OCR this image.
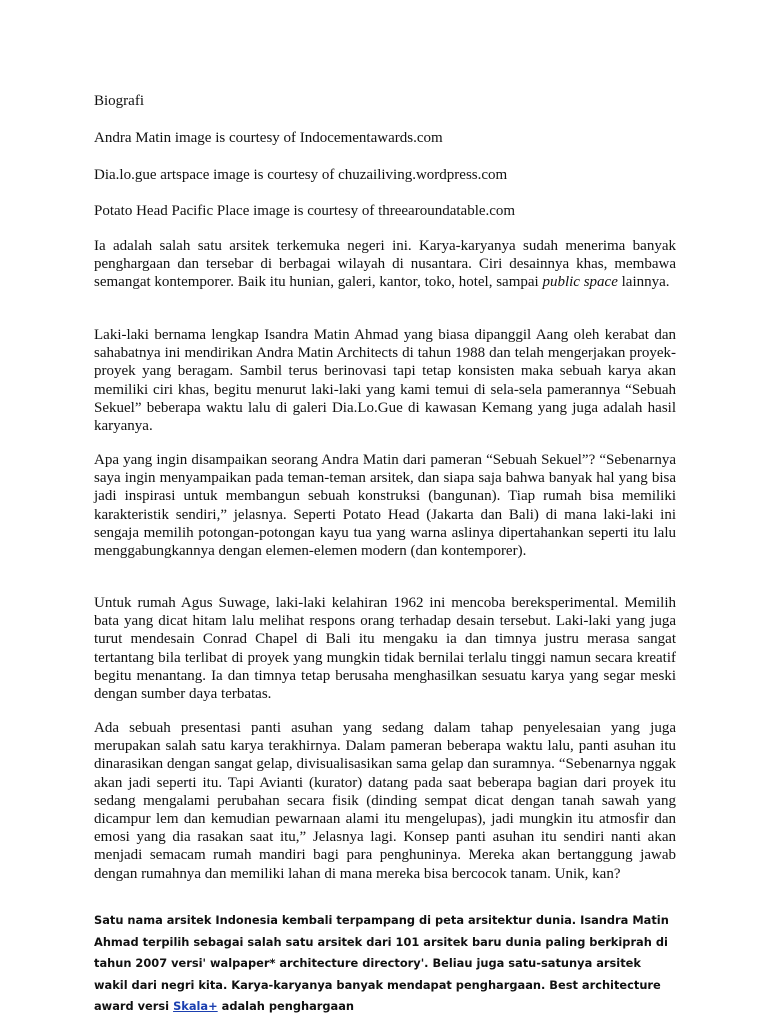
Biografi

Andra Matin image is courtesy of Indocementawards.com

Dia.lo.gue artspace image is courtesy of chuzailiving.wordpress.com

Potato Head Pacific Place image is courtesy of threearoundatable.com

Ia adalah salah satu arsitek terkemuka negeri ini. Karya-karyanya sudah menerima banyak penghargaan dan tersebar di berbagai wilayah di nusantara. Ciri desainnya khas, membawa semangat kontemporer. Baik itu hunian, galeri, kantor, toko, hotel, sampai public space lainnya.

Laki-laki bernama lengkap Isandra Matin Ahmad yang biasa dipanggil Aang oleh kerabat dan sahabatnya ini mendirikan Andra Matin Architects di tahun 1988 dan telah mengerjakan proyek-proyek yang beragam. Sambil terus berinovasi tapi tetap konsisten maka sebuah karya akan memiliki ciri khas, begitu menurut laki-laki yang kami temui di sela-sela pamerannya “Sebuah Sekuel” beberapa waktu lalu di galeri Dia.Lo.Gue di kawasan Kemang yang juga adalah hasil karyanya.

Apa yang ingin disampaikan seorang Andra Matin dari pameran “Sebuah Sekuel”? “Sebenarnya saya ingin menyampaikan pada teman-teman arsitek, dan siapa saja bahwa banyak hal yang bisa jadi inspirasi untuk membangun sebuah konstruksi (bangunan). Tiap rumah bisa memiliki karakteristik sendiri,” jelasnya. Seperti Potato Head (Jakarta dan Bali) di mana laki-laki ini sengaja memilih potongan-potongan kayu tua yang warna aslinya dipertahankan seperti itu lalu menggabungkannya dengan elemen-elemen modern (dan kontemporer).

Untuk rumah Agus Suwage, laki-laki kelahiran 1962 ini mencoba bereksperimental. Memilih bata yang dicat hitam lalu melihat respons orang terhadap desain tersebut. Laki-laki yang juga turut mendesain Conrad Chapel di Bali itu mengaku ia dan timnya justru merasa sangat tertantang bila terlibat di proyek yang mungkin tidak bernilai terlalu tinggi namun secara kreatif begitu menantang. Ia dan timnya tetap berusaha menghasilkan sesuatu karya yang segar meski dengan sumber daya terbatas.

Ada sebuah presentasi panti asuhan yang sedang dalam tahap penyelesaian yang juga merupakan salah satu karya terakhirnya. Dalam pameran beberapa waktu lalu, panti asuhan itu dinarasikan dengan sangat gelap, divisualisasikan sama gelap dan suramnya. “Sebenarnya nggak akan jadi seperti itu. Tapi Avianti (kurator) datang pada saat beberapa bagian dari proyek itu sedang mengalami perubahan secara fisik (dinding sempat dicat dengan tanah sawah yang dicampur lem dan kemudian pewarnaan alami itu mengelupas), jadi mungkin itu atmosfir dan emosi yang dia rasakan saat itu,” Jelasnya lagi. Konsep panti asuhan itu sendiri nanti akan menjadi semacam rumah mandiri bagi para penghuninya. Mereka akan bertanggung jawab dengan rumahnya dan memiliki lahan di mana mereka bisa bercocok tanam. Unik, kan?

Satu nama arsitek Indonesia kembali terpampang di peta arsitektur dunia. Isandra Matin Ahmad terpilih sebagai salah satu arsitek dari 101 arsitek baru dunia paling berkiprah di tahun 2007 versi' walpaper* architecture directory'. Beliau juga satu-satunya arsitek wakil dari negri kita. Karya-karyanya banyak mendapat penghargaan. Best architecture award versi Skala+ adalah penghargaan
